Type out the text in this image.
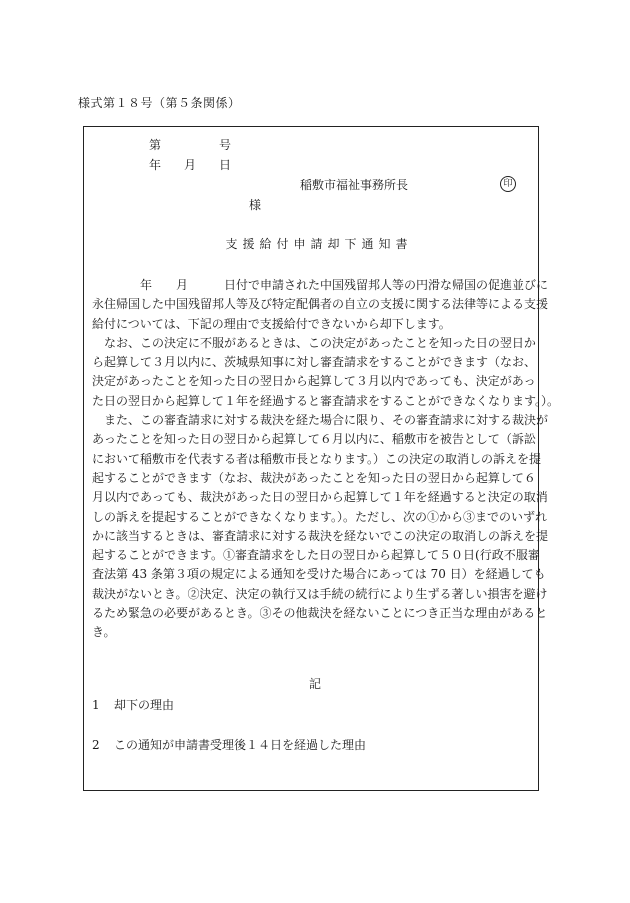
様式第１８号（第５条関係）
第	号
年 月 日
稲敷市福祉事務所長	印
様
支援給付申請却下通知書
　　　　年　　月　　　日付で申請された中国残留邦人等の円滑な帰国の促進並びに
永住帰国した中国残留邦人等及び特定配偶者の自立の支援に関する法律等による支援
給付については、下記の理由で支援給付できないから却下します。
　なお、この決定に不服があるときは、この決定があったことを知った日の翌日か
ら起算して３月以内に、茨城県知事に対し審査請求をすることができます（なお、
決定があったことを知った日の翌日から起算して３月以内であっても、決定があっ
た日の翌日から起算して１年を経過すると審査請求をすることができなくなります。）。
　また、この審査請求に対する裁決を経た場合に限り、その審査請求に対する裁決が
あったことを知った日の翌日から起算して６月以内に、稲敷市を被告として（訴訟
において稲敷市を代表する者は稲敷市長となります。）この決定の取消しの訴えを提
起することができます（なお、裁決があったことを知った日の翌日から起算して６
月以内であっても、裁決があった日の翌日から起算して１年を経過すると決定の取消
しの訴えを提起することができなくなります。）。ただし、次の①から③までのいずれ
かに該当するときは、審査請求に対する裁決を経ないでこの決定の取消しの訴えを提
起することができます。①審査請求をした日の翌日から起算して５０日(行政不服審
査法第 43 条第３項の規定による通知を受けた場合にあっては 70 日）を経過しても
裁決がないとき。②決定、決定の執行又は手続の続行により生ずる著しい損害を避け
るため緊急の必要があるとき。③その他裁決を経ないことにつき正当な理由があると
き。
記
1 却下の理由
2 この通知が申請書受理後１４日を経過した理由
